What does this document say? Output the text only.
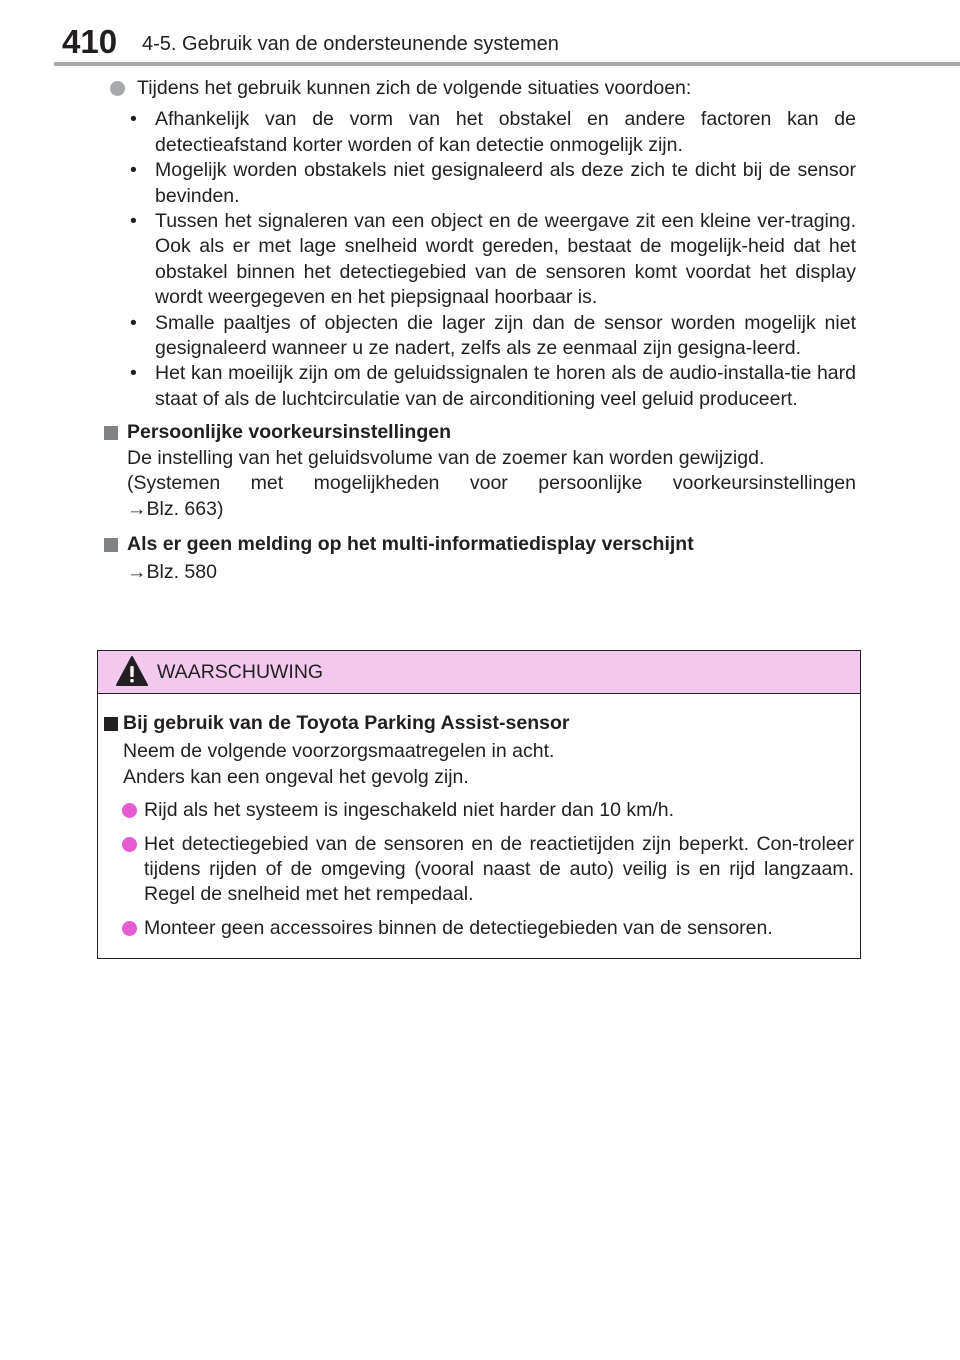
410 4-5. Gebruik van de ondersteunende systemen
Tijdens het gebruik kunnen zich de volgende situaties voordoen:
• Afhankelijk van de vorm van het obstakel en andere factoren kan de detectieafstand korter worden of kan detectie onmogelijk zijn.
• Mogelijk worden obstakels niet gesignaleerd als deze zich te dicht bij de sensor bevinden.
• Tussen het signaleren van een object en de weergave zit een kleine ver-traging. Ook als er met lage snelheid wordt gereden, bestaat de mogelijk-heid dat het obstakel binnen het detectiegebied van de sensoren komt voordat het display wordt weergegeven en het piepsignaal hoorbaar is.
• Smalle paaltjes of objecten die lager zijn dan de sensor worden mogelijk niet gesignaleerd wanneer u ze nadert, zelfs als ze eenmaal zijn gesigna-leerd.
• Het kan moeilijk zijn om de geluidssignalen te horen als de audio-installa-tie hard staat of als de luchtcirculatie van de airconditioning veel geluid produceert.
Persoonlijke voorkeursinstellingen
De instelling van het geluidsvolume van de zoemer kan worden gewijzigd.
(Systemen met mogelijkheden voor persoonlijke voorkeursinstellingen
→Blz. 663)
Als er geen melding op het multi-informatiedisplay verschijnt
→Blz. 580
WAARSCHUWING
Bij gebruik van de Toyota Parking Assist-sensor
Neem de volgende voorzorgsmaatregelen in acht.
Anders kan een ongeval het gevolg zijn.
Rijd als het systeem is ingeschakeld niet harder dan 10 km/h.
Het detectiegebied van de sensoren en de reactietijden zijn beperkt. Con-troleer tijdens rijden of de omgeving (vooral naast de auto) veilig is en rijd langzaam. Regel de snelheid met het rempedaal.
Monteer geen accessoires binnen de detectiegebieden van de sensoren.
